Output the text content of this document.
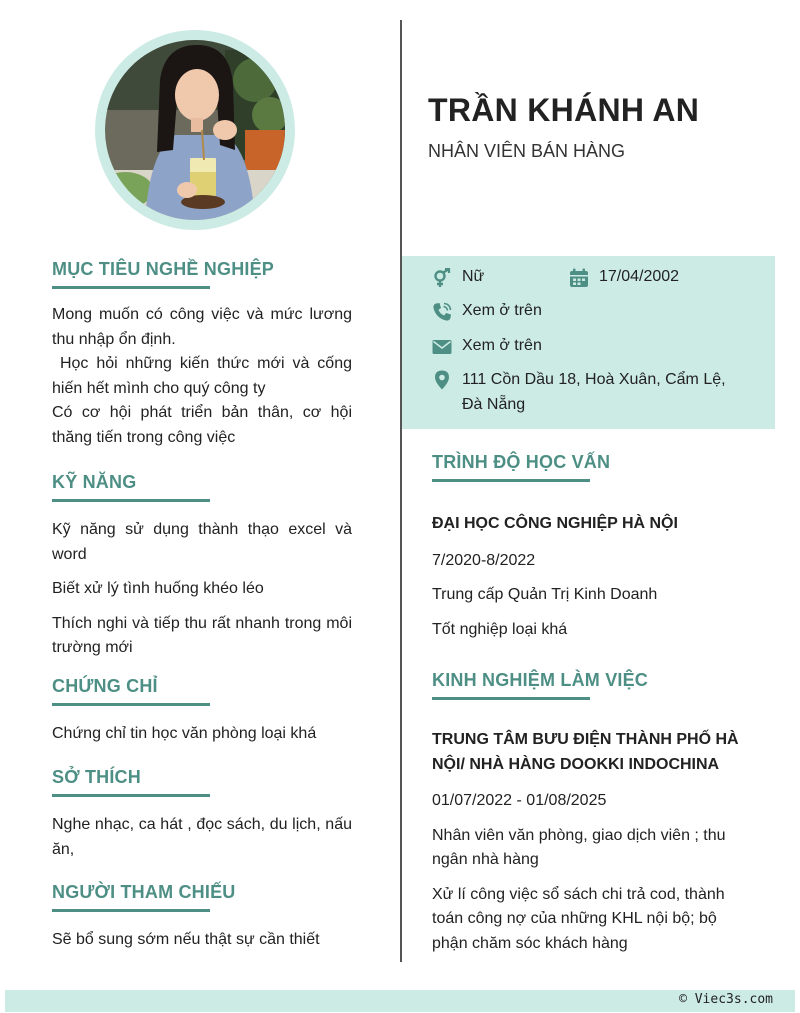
MỤC TIÊU NGHỀ NGHIỆP

Mong muốn có công việc và mức lương thu nhập ổn định.

Học hỏi những kiến thức mới và cống hiến hết mình cho quý công ty

Có cơ hội phát triển bản thân, cơ hội thăng tiến trong công việc

KỸ NĂNG

Kỹ năng sử dụng thành thạo excel và word

Biết xử lý tình huống khéo léo

Thích nghi và tiếp thu rất nhanh trong môi trường mới

CHỨNG CHỈ

Chứng chỉ tin học văn phòng loại khá

SỞ THÍCH

Nghe nhạc, ca hát , đọc sách, du lịch, nấu ăn,

NGƯỜI THAM CHIẾU

Sẽ bổ sung sớm nếu thật sự cần thiết

TRẦN KHÁNH AN
NHÂN VIÊN BÁN HÀNG
Nữ	17/04/2002
Xem ở trên
Xem ở trên
111 Cồn Dầu 18, Hoà Xuân, Cẩm Lệ,
Đà Nẵng
TRÌNH ĐỘ HỌC VẤN

ĐẠI HỌC CÔNG NGHIỆP HÀ NỘI

7/2020-8/2022

Trung cấp Quản Trị Kinh Doanh

Tốt nghiệp loại khá

KINH NGHIỆM LÀM VIỆC

TRUNG TÂM BƯU ĐIỆN THÀNH PHỐ HÀ

NỘI/ NHÀ HÀNG DOOKKI INDOCHINA

01/07/2022 - 01/08/2025

Nhân viên văn phòng, giao dịch viên ; thu ngân nhà hàng

Xử lí công việc sổ sách chi trả cod, thành toán công nợ của những KHL nội bộ; bộ phận chăm sóc khách hàng

© Viec3s.com
